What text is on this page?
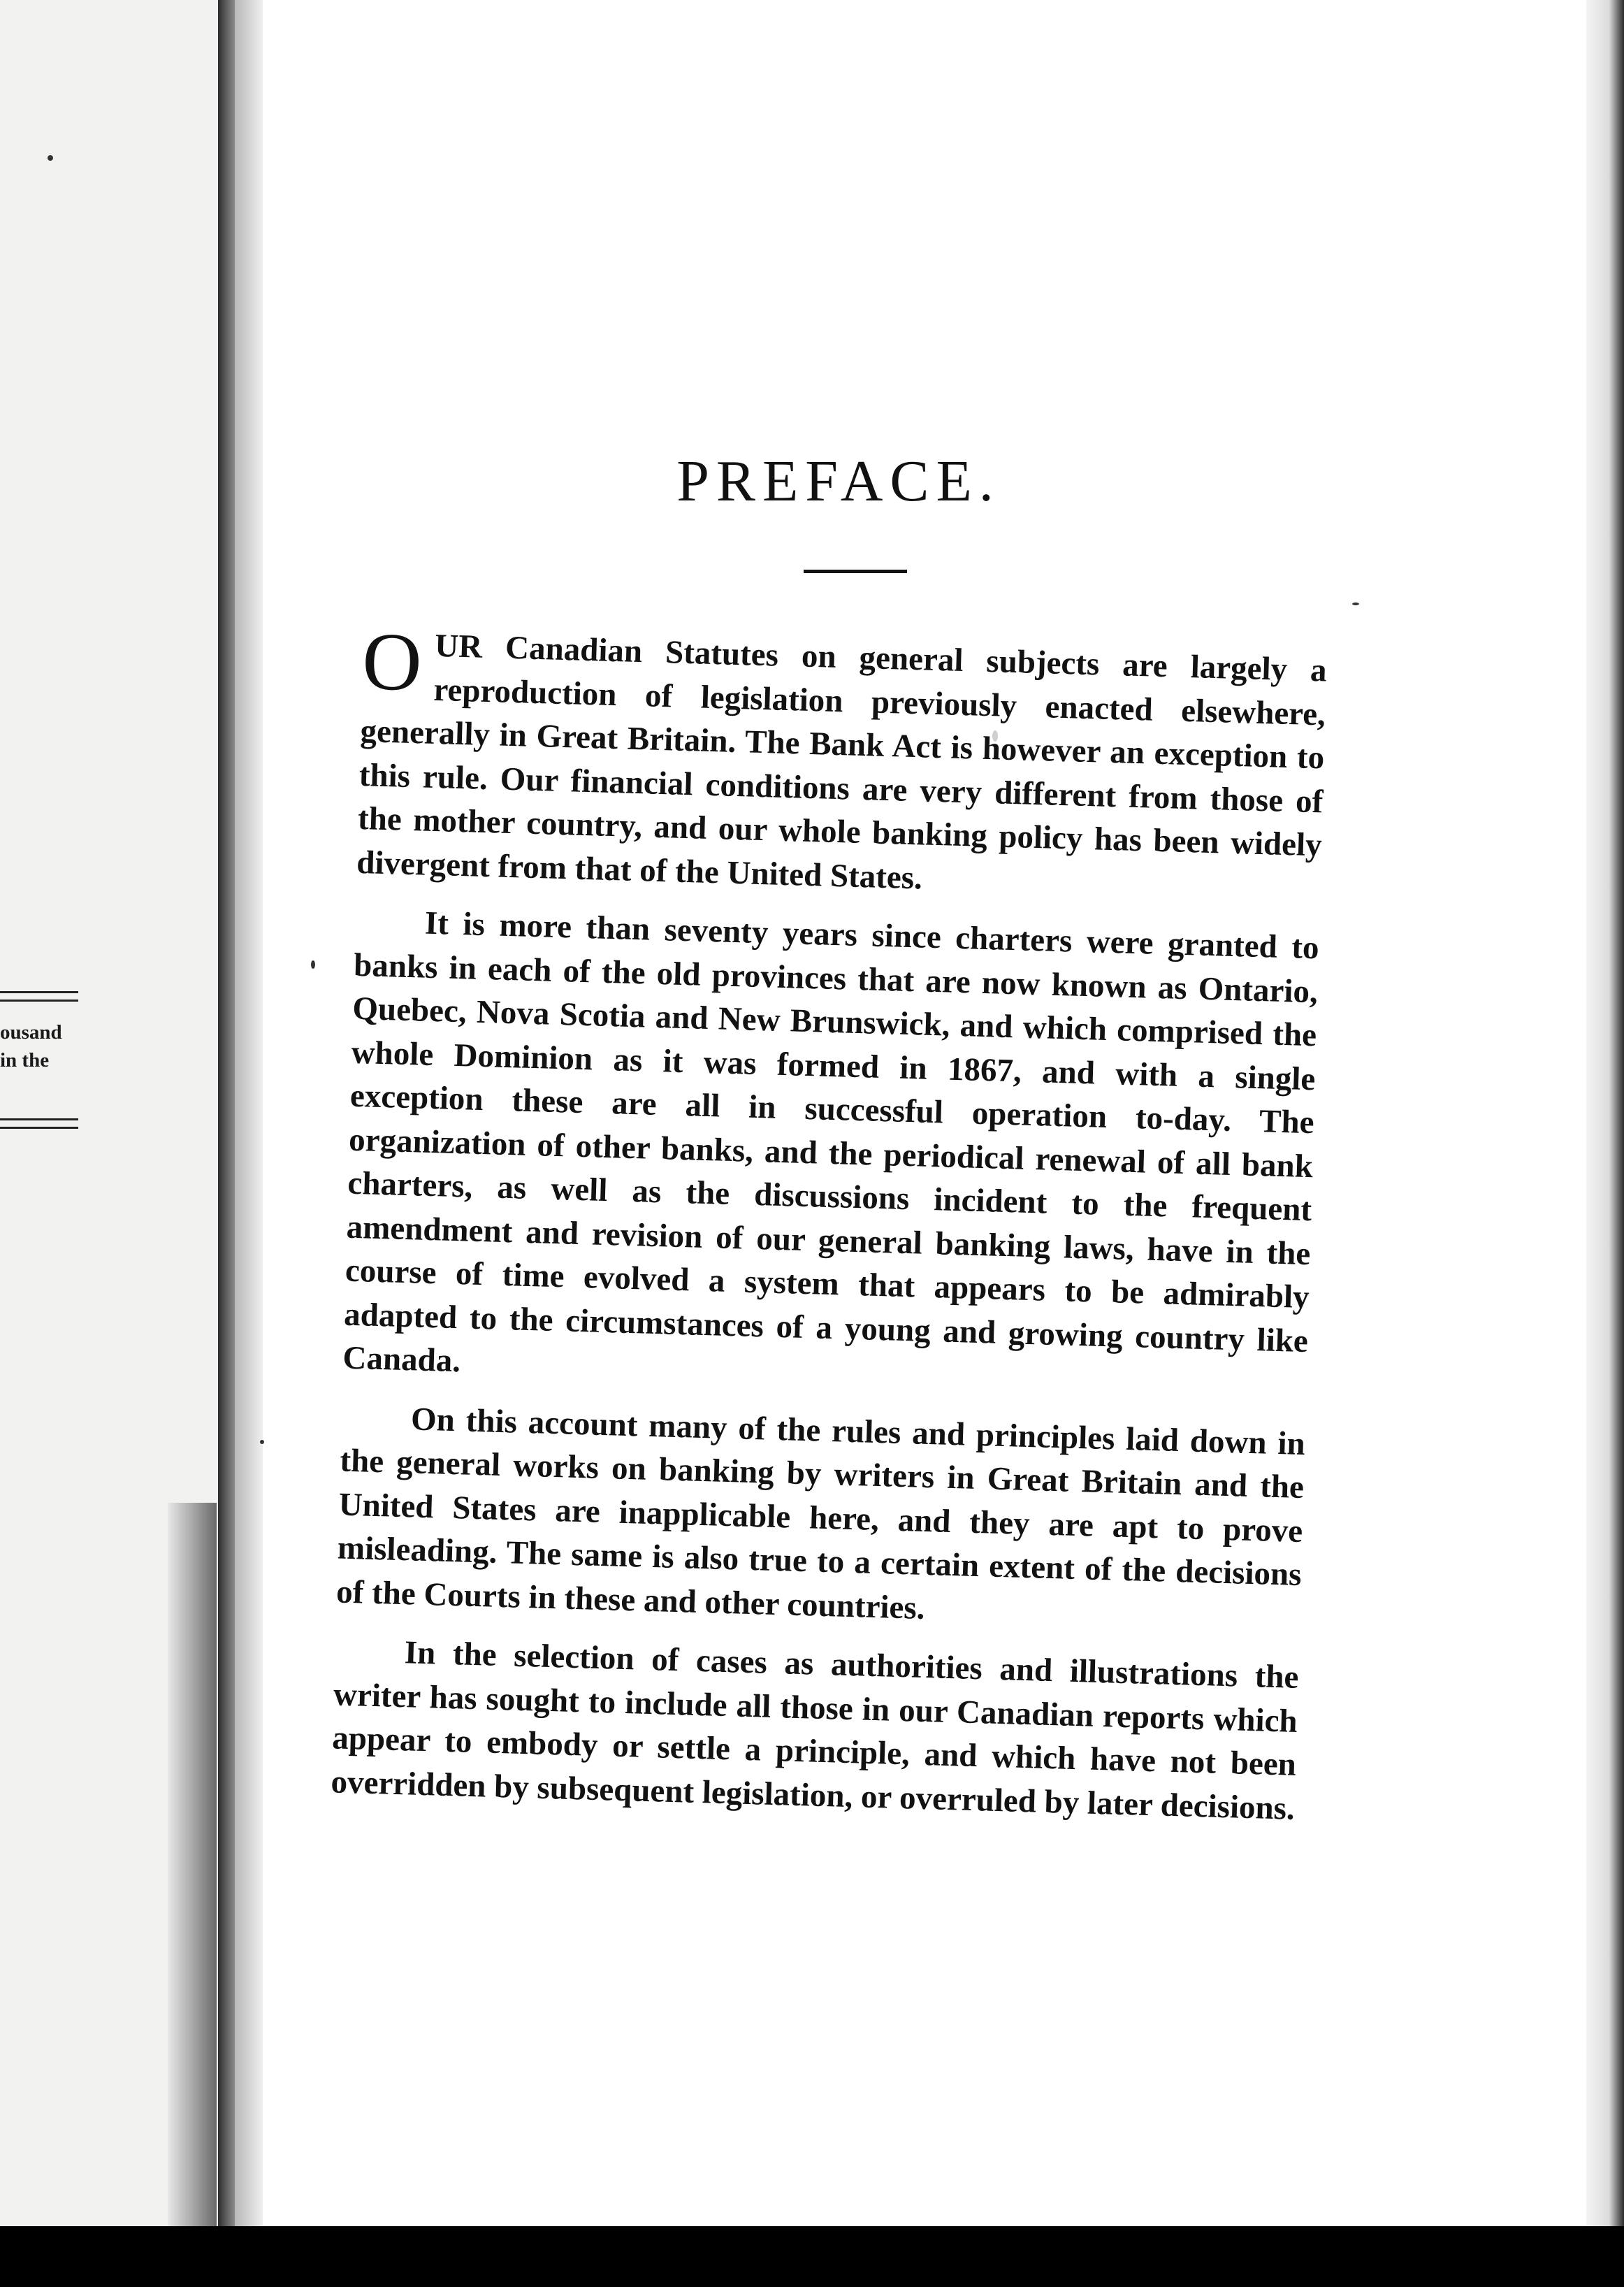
ousand
in the
PREFACE.

OUR Canadian Statutes on general subjects are largely a reproduction of legislation previously enacted elsewhere, generally in Great Britain. The Bank Act is however an exception to this rule. Our financial conditions are very different from those of the mother country, and our whole banking policy has been widely divergent from that of the United States.

It is more than seventy years since charters were granted to banks in each of the old provinces that are now known as Ontario, Quebec, Nova Scotia and New Brunswick, and which comprised the whole Dominion as it was formed in 1867, and with a single exception these are all in successful operation to-day. The organization of other banks, and the periodical renewal of all bank charters, as well as the discussions incident to the frequent amendment and revision of our general banking laws, have in the course of time evolved a system that appears to be admirably adapted to the circumstances of a young and growing country like Canada.

On this account many of the rules and principles laid down in the general works on banking by writers in Great Britain and the United States are inapplicable here, and they are apt to prove misleading. The same is also true to a certain extent of the decisions of the Courts in these and other countries.

In the selection of cases as authorities and illustrations the writer has sought to include all those in our Canadian reports which appear to embody or settle a principle, and which have not been overridden by subsequent legislation, or overruled by later decisions.
